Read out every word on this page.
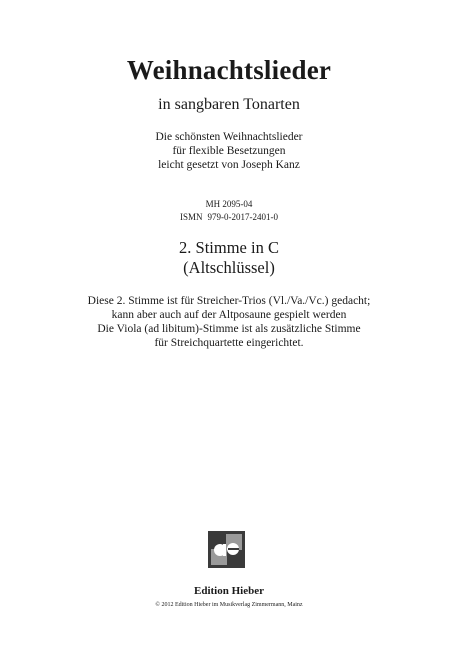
Weihnachtslieder
in sangbaren Tonarten
Die schönsten Weihnachtslieder
für flexible Besetzungen
leicht gesetzt von Joseph Kanz
MH 2095-04
ISMN 979-0-2017-2401-0
2. Stimme in C
(Altschlüssel)
Diese 2. Stimme ist für Streicher-Trios (Vl./Va./Vc.) gedacht;
kann aber auch auf der Altposaune gespielt werden
Die Viola (ad libitum)-Stimme ist als zusätzliche Stimme
für Streichquartette eingerichtet.
Edition Hieber
© 2012 Edition Hieber im Musikverlag Zimmermann, Mainz
